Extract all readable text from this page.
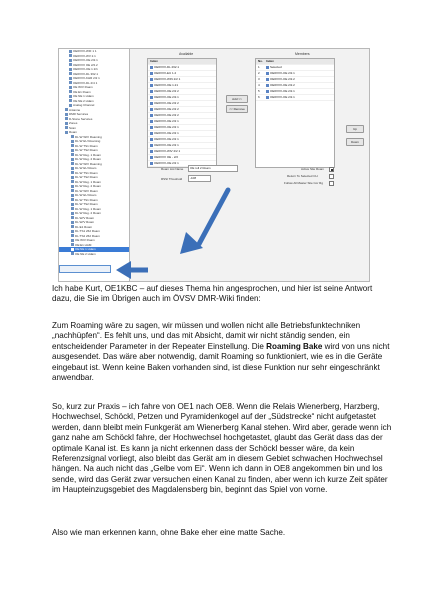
OE6XXX-WIF 1 1
OE6XXX-WV 2.1
OE6XXX-OE 2/2.1
OE6XXX OE 2/2.2
OE6XXX-OE 1 2/1
OE6XXX-DL 362.1
OE6XXX-KHR 2/2 1
OE6XXX-DL 2/4 1
OE WIV Roam
OE E1 Roam
OE NE 1 Hdam
OE NE 2 Hdam
Analog Channel
Antanne
DMR Services
D-Stone Services
Zones
Scan
Roam
DL:W WIV Roaming
DL:W EU Roaming
DL:W TS1 Roam
DL:W TS2 Roam
DL:W Reg. 1 Roam
DL:W Reg. 2 Roam
DL:W WIV Roaming
DL:W EU Roam
DL:W TS1 Roam
DL:W TS2 Roam
DL:W Reg. 1 Roam
DL:W Reg. 2 Roam
DL:W WIV Roam
DL:W EU Roam
DL:W TS1 Roam
DL:W TS2 Roam
DL:W Reg. 1 Roam
DL:W Reg. 2 Roam
DL:W/V Roam
DL:W/V Roam
DL:E1 Roam
DL:TS1 262 Roam
DL:TS2 262 Roam
OE WIV Roam
OE:E1 HAM
OE:NE 1 Hdam
OE NE 2 Hdam
Available
Index
OE6XXX-DL 262.1
OE6XXX-EU 1.2
OE6XXX-WIN 2/2 1
OE6XXX-OE 1.21
OE6XXX-OE 2/2 2
OE6XXX-OE 2/2.1
OE6XXX-OE 2/2 2
OE6XXX-OE 2/2 2
OE6XXX-OE 2/2 2
OE6XXX-OE 2/2 1
OE6XXX-OE 2/2 1
OE6XXX-OE 2/2 1
OE6XXX-OE 2/2 1
OE6XXX-OE 2/2 1
OE6XXX-WIV 2/2 1
OE6XXX OE - 2/2
OE6XXX-OE 2/2 1
Members
No.	Index
1	Selected
2	OE6XXX-OE 2/2.1
3	OE6XXX-OE 2/2.2
4	OE6XXX-OE 2/2.2
5	OE6XXX-OE 2/2.1
6	OE6XXX-OE 2/2.1
Add >>
<< Remove
Up
Down
Roam List Name	OE roll 2 Roam
RSSI Threshold	-108
Active Site Roam
Return To Selected CH
Follow All Master Site Cor Rg

Ich habe Kurt, OE1KBC – auf dieses Thema hin angesprochen, und hier ist seine Antwort dazu, die Sie im Übrigen auch im ÖVSV DMR-Wiki finden:

Zum Roaming wäre zu sagen, wir müssen und wollen nicht alle Betriebsfunktechniken „nachhüpfen“. Es fehlt uns, und das mit Absicht, damit wir nicht ständig senden, ein entscheidender Parameter in der Repeater Einstellung. Die Roaming Bake wird von uns nicht ausgesendet. Das wäre aber notwendig, damit Roaming so funktioniert, wie es in die Geräte eingebaut ist. Wenn keine Baken vorhanden sind, ist diese Funktion nur sehr eingeschränkt anwendbar.

So, kurz zur Praxis – ich fahre von OE1 nach OE8. Wenn die Relais Wienerberg, Harzberg, Hochwechsel, Schöckl, Petzen und Pyramidenkogel auf der „Südstrecke“ nicht aufgetastet werden, dann bleibt mein Funkgerät am Wienerberg Kanal stehen. Wird aber, gerade wenn ich ganz nahe am Schöckl fahre, der Hochwechsel hochgetastet, glaubt das Gerät dass das der optimale Kanal ist. Es kann ja nicht erkennen dass der Schöckl besser wäre, da kein Referenzsignal vorliegt, also bleibt das Gerät am in diesem Gebiet schwachen Hochwechsel hängen. Na auch nicht das „Gelbe vom Ei“. Wenn ich dann in OE8 angekommen bin und los sende, wird das Gerät zwar versuchen einen Kanal zu finden, aber wenn ich kurze Zeit später im Haupteinzugsgebiet des Magdalensberg bin, beginnt das Spiel von vorne.

Also wie man erkennen kann, ohne Bake eher eine matte Sache.
